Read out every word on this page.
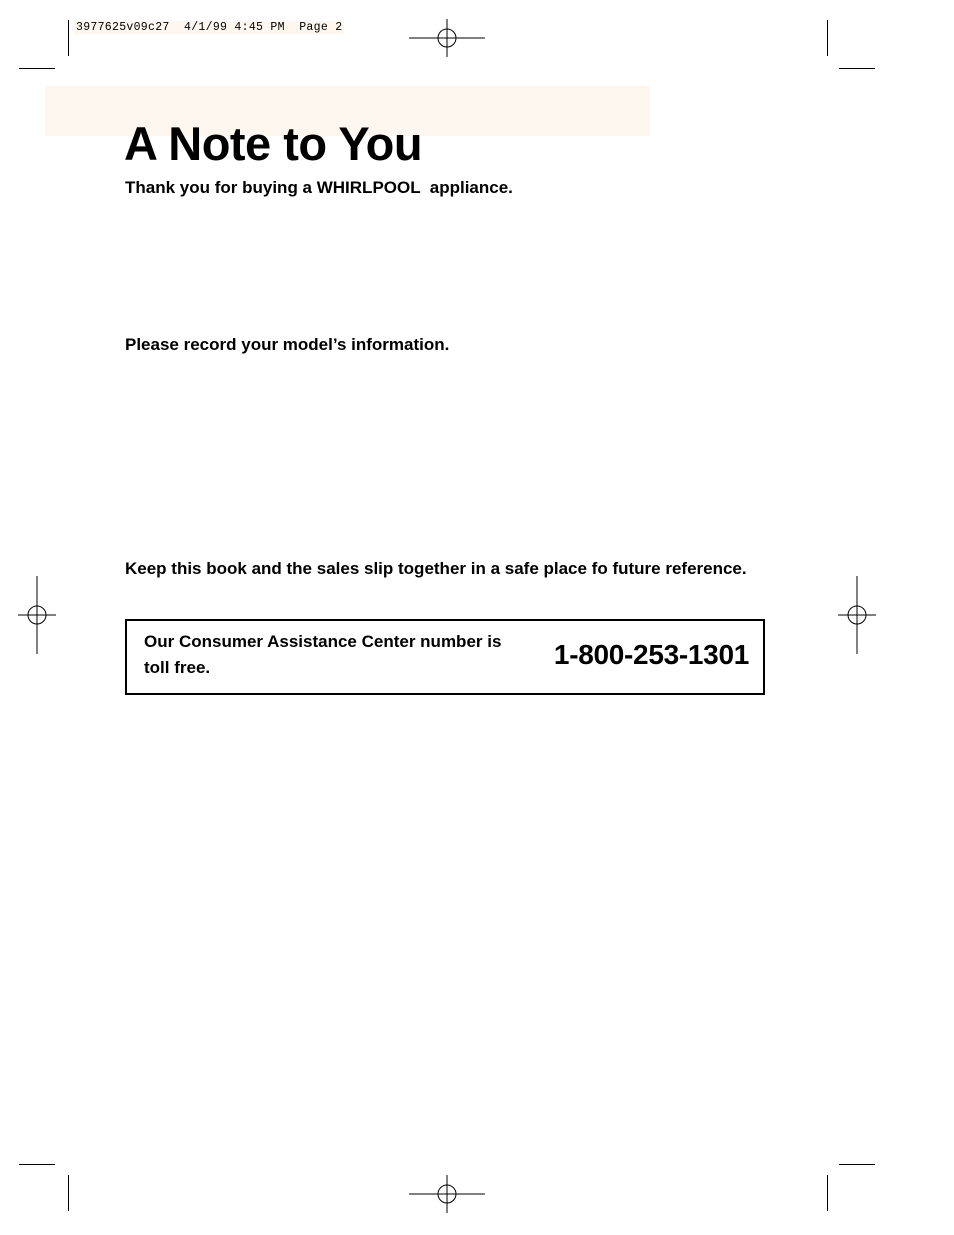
3977625v09c27  4/1/99 4:45 PM  Page 2
A Note to You
Thank you for buying a WHIRLPOOL  appliance.
Please record your model’s information.
Keep this book and the sales slip together in a safe place fo future reference.
Our Consumer Assistance Center number is toll free.	1-800-253-1301
